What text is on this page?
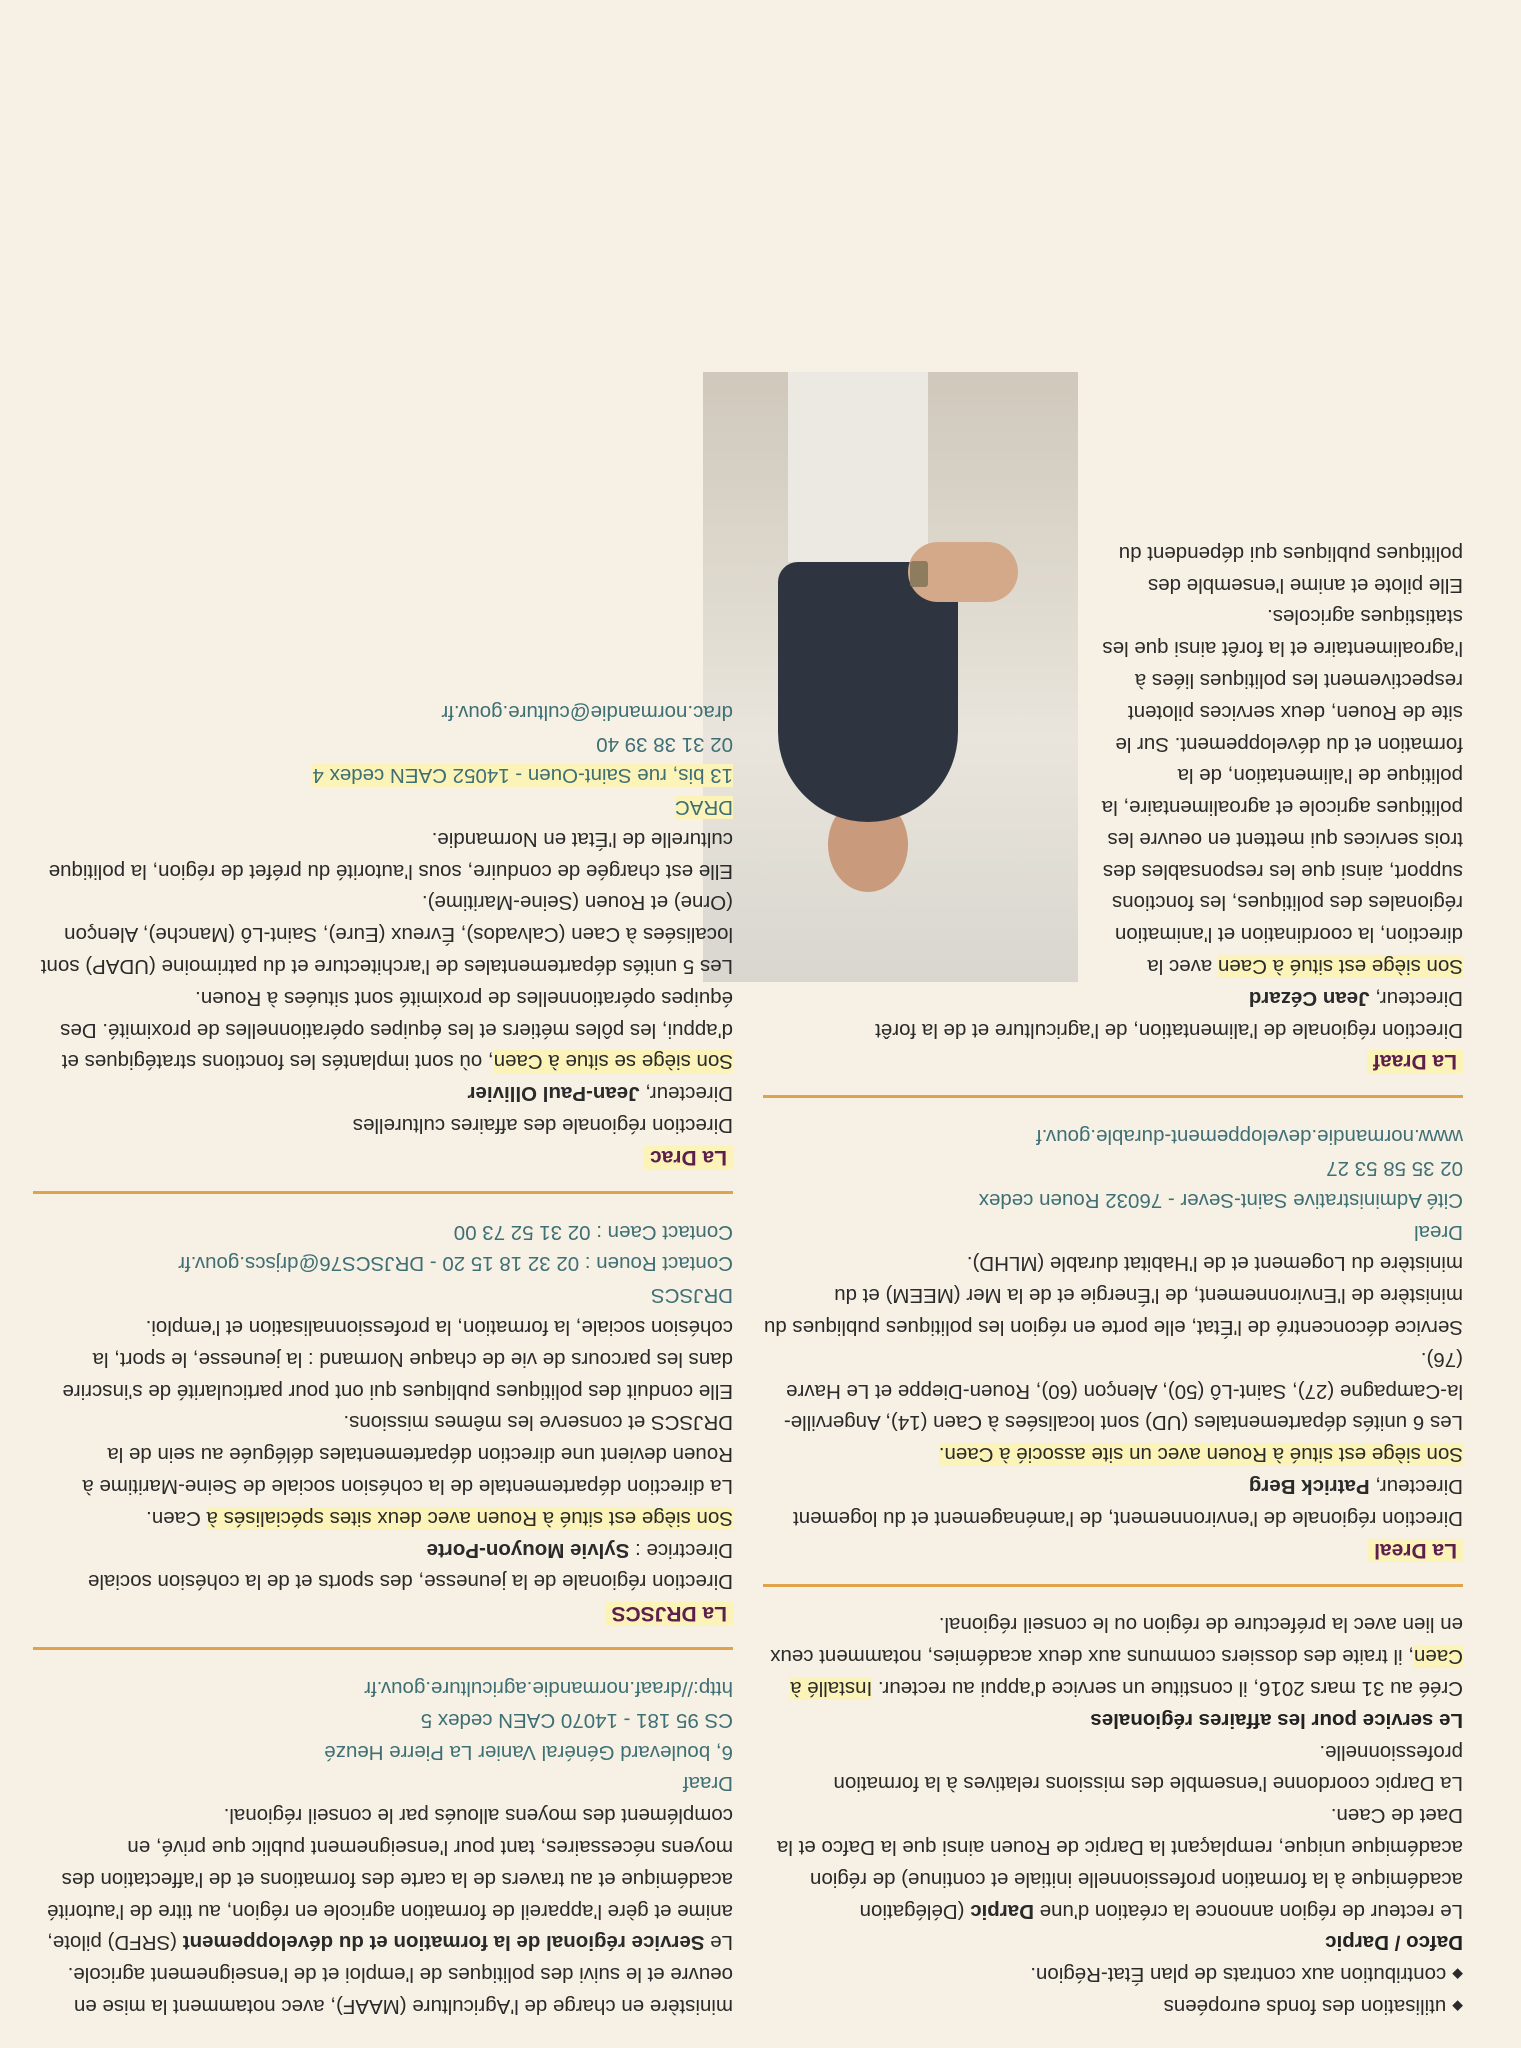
◆utilisation des fonds européens

◆contribution aux contrats de plan État-Région.

Dafco / Darpic

Le recteur de région annonce la création d'une Darpic (Délégation académique à la formation professionnelle initiale et continue) de région académique unique, remplaçant la Darpic de Rouen ainsi que la Dafco et la Daet de Caen.

La Darpic coordonne l'ensemble des missions relatives à la formation professionnelle.

Le service pour les affaires régionales

Créé au 31 mars 2016, il constitue un service d'appui au recteur. Installé à Caen, il traite des dossiers communs aux deux académies, notamment ceux en lien avec la préfecture de région ou le conseil régional.

La Dreal

Direction régionale de l'environnement, de l'aménagement et du logement

Directeur, Patrick Berg

Son siège est situé à Rouen avec un site associé à Caen.

Les 6 unités départementales (UD) sont localisées à Caen (14), Angerville-la-Campagne (27), Saint-Lô (50), Alençon (60), Rouen-Dieppe et Le Havre (76).

Service déconcentré de l'État, elle porte en région les politiques publiques du ministère de l'Environnement, de l'Énergie et de la Mer (MEEM) et du ministère du Logement et de l'Habitat durable (MLHD).

Dreal

Cité Administrative Saint-Sever - 76032 Rouen cedex

02 35 58 53 27

www.normandie.developpement-durable.gouv.f

La Draaf

Direction régionale de l'alimentation, de l'agriculture et de la forêt

Directeur, Jean Cézard

Son siège est situé à Caen avec la direction, la coordination et l'animation régionales des politiques, les fonctions support, ainsi que les responsables des trois services qui mettent en oeuvre les politiques agricole et agroalimentaire, la politique de l'alimentation, de la formation et du développement. Sur le site de Rouen, deux services pilotent respectivement les politiques liées à l'agroalimentaire et la forêt ainsi que les statistiques agricoles.

Elle pilote et anime l'ensemble des politiques publiques qui dépendent du

ministère en charge de l'Agriculture (MAAF), avec notamment la mise en oeuvre et le suivi des politiques de l'emploi et de l'enseignement agricole.

Le Service régional de la formation et du développement (SRFD) pilote, anime et gère l'appareil de formation agricole en région, au titre de l'autorité académique et au travers de la carte des formations et de l'affectation des moyens nécessaires, tant pour l'enseignement public que privé, en complément des moyens alloués par le conseil régional.

Draaf

6, boulevard Général Vanier La Pierre Heuzé

CS 95 181 - 14070 CAEN cedex 5

http://draaf.normandie.agriculture.gouv.fr

La DRJSCS

Direction régionale de la jeunesse, des sports et de la cohésion sociale

Directrice : Sylvie Mouyon-Porte

Son siège est situé à Rouen avec deux sites spécialisés à Caen.

La direction départementale de la cohésion sociale de Seine-Maritime à Rouen devient une direction départementales déléguée au sein de la DRJSCS et conserve les mêmes missions.

Elle conduit des politiques publiques qui ont pour particularité de s'inscrire dans les parcours de vie de chaque Normand : la jeunesse, le sport, la cohésion sociale, la formation, la professionnalisation et l'emploi.

DRJSCS

Contact Rouen : 02 32 18 15 20 - DRJSCS76@drjscs.gouv.fr

Contact Caen : 02 31 52 73 00

La Drac

Direction régionale des affaires culturelles

Directeur, Jean-Paul Ollivier

Son siège se situe à Caen, où sont implantés les fonctions stratégiques et d'appui, les pôles métiers et les équipes opérationnelles de proximité. Des équipes opérationnelles de proximité sont situées à Rouen.

Les 5 unités départementales de l'architecture et du patrimoine (UDAP) sont localisées à Caen (Calvados), Évreux (Eure), Saint-Lô (Manche), Alençon (Orne) et Rouen (Seine-Maritime).

Elle est chargée de conduire, sous l'autorité du préfet de région, la politique culturelle de l'État en Normandie.

DRAC

13 bis, rue Saint-Ouen - 14052 CAEN cedex 4

02 31 38 39 40

drac.normandie@culture.gouv.fr
